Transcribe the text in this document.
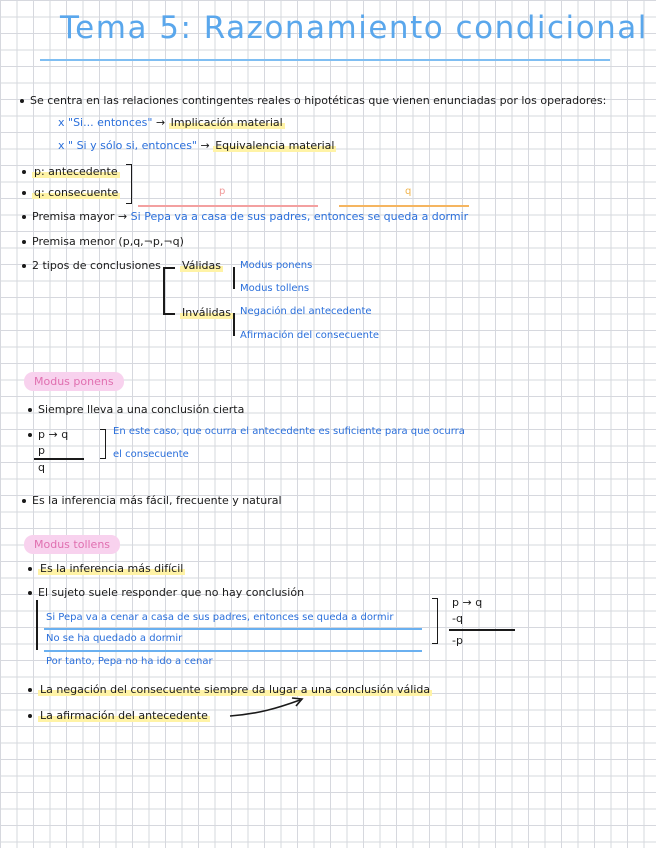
Tema 5: Razonamiento condicional
Se centra en las relaciones contingentes reales o hipotéticas que vienen enunciadas por los operadores:
x "Si... entonces" → Implicación material
x " Si y sólo si, entonces" → Equivalencia material
p: antecedente
q: consecuente	p	q
Premisa mayor → Si Pepa va a casa de sus padres, entonces se queda a dormir
Premisa menor (p,q,¬p,¬q)
2 tipos de conclusiones Válidas
Inválidas
Modus ponens
Modus tollens
Negación del antecedente
Afirmación del consecuente
Modus ponens
Siempre lleva a una conclusión cierta
p → q
p
q
En este caso, que ocurra el antecedente es suficiente para que ocurra
el consecuente
Es la inferencia más fácil, frecuente y natural
Modus tollens
Es la inferencia más difícil
El sujeto suele responder que no hay conclusión
Si Pepa va a cenar a casa de sus padres, entonces se queda a dormir
No se ha quedado a dormir
Por tanto, Pepa no ha ido a cenar
p → q
-q
-p
La negación del consecuente siempre da lugar a una conclusión válida
La afirmación del antecedente
